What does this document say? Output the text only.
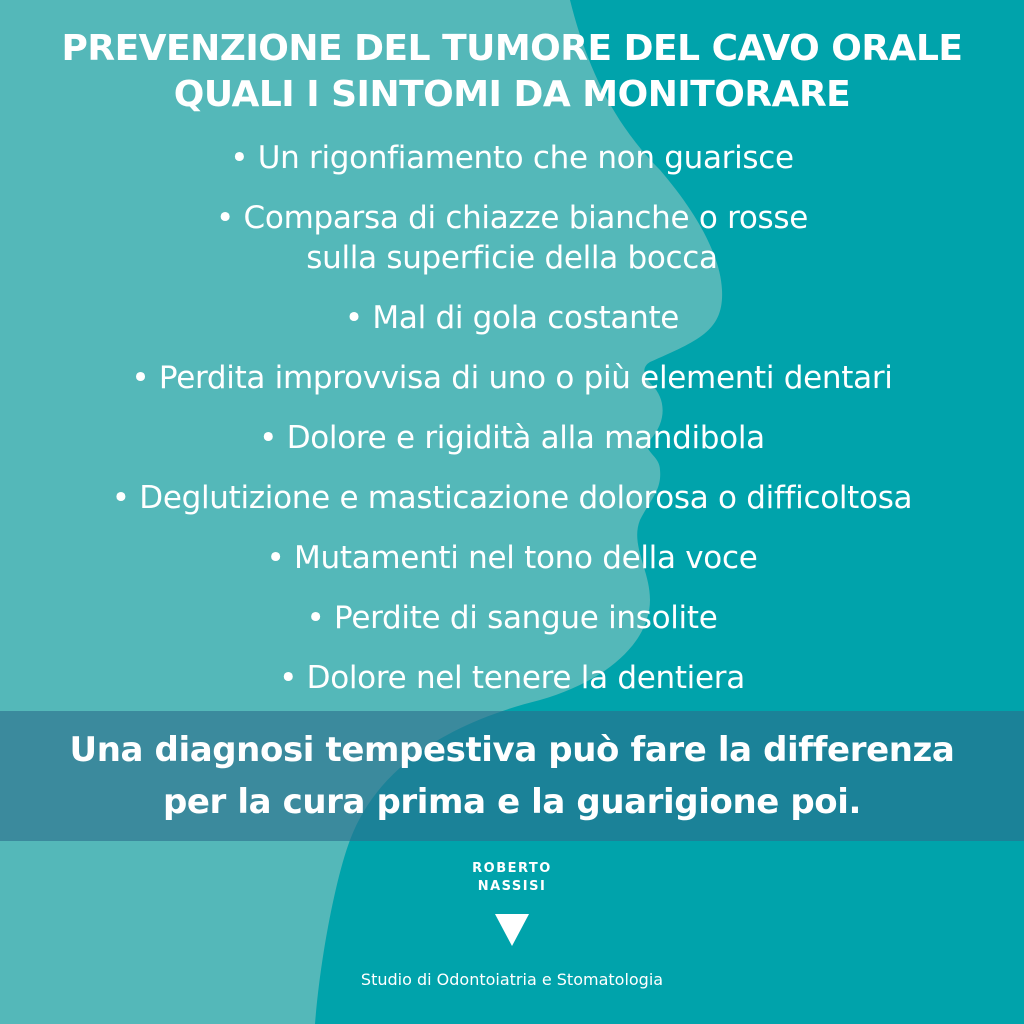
PREVENZIONE DEL TUMORE DEL CAVO ORALE
QUALI I SINTOMI DA MONITORARE
• Un rigonfiamento che non guarisce
• Comparsa di chiazze bianche o rosse
sulla superficie della bocca
• Mal di gola costante
• Perdita improvvisa di uno o più elementi dentari
• Dolore e rigidità alla mandibola
• Deglutizione e masticazione dolorosa o difficoltosa
• Mutamenti nel tono della voce
• Perdite di sangue insolite
• Dolore nel tenere la dentiera
Una diagnosi tempestiva può fare la differenza
per la cura prima e la guarigione poi.
ROBERTO
NASSISI
Studio di Odontoiatria e Stomatologia
